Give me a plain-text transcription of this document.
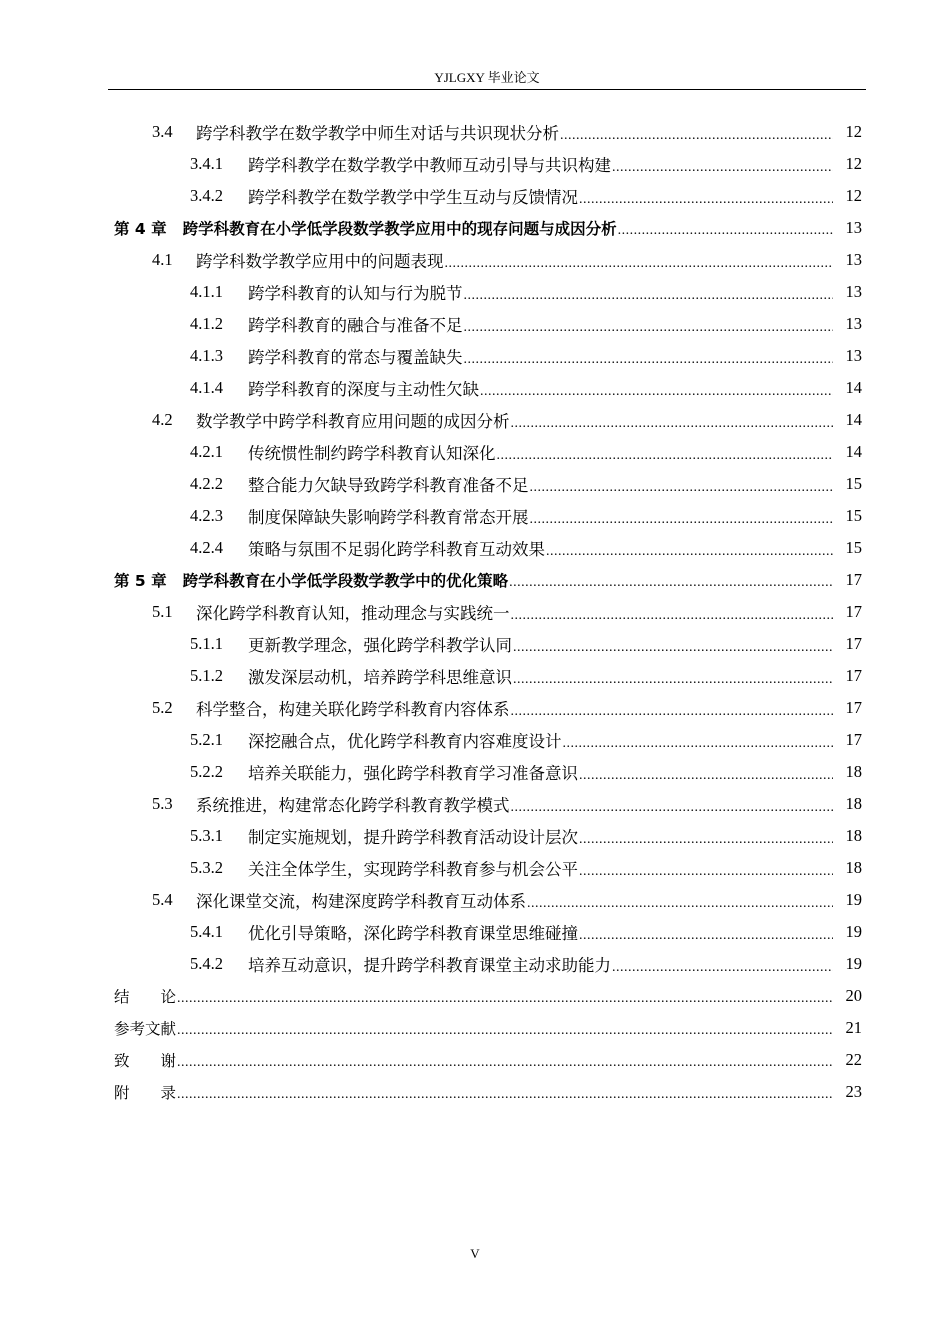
YJLGXY 毕业论文
3.4	跨学科教学在数学教学中师生对话与共识现状分析 .....	12
3.4.1	跨学科教学在数学教学中教师互动引导与共识构建 .....	12
3.4.2	跨学科教学在数学教学中学生互动与反馈情况 .....	12
第 4 章 跨学科教育在小学低学段数学教学应用中的现存问题与成因分析 .....	13
4.1	跨学科数学教学应用中的问题表现 .....	13
4.1.1	跨学科教育的认知与行为脱节 .....	13
4.1.2	跨学科教育的融合与准备不足 .....	13
4.1.3	跨学科教育的常态与覆盖缺失 .....	13
4.1.4	跨学科教育的深度与主动性欠缺 .....	14
4.2	数学教学中跨学科教育应用问题的成因分析 .....	14
4.2.1	传统惯性制约跨学科教育认知深化 .....	14
4.2.2	整合能力欠缺导致跨学科教育准备不足 .....	15
4.2.3	制度保障缺失影响跨学科教育常态开展 .....	15
4.2.4	策略与氛围不足弱化跨学科教育互动效果 .....	15
第 5 章 跨学科教育在小学低学段数学教学中的优化策略 .....	17
5.1	深化跨学科教育认知，推动理念与实践统一 .....	17
5.1.1	更新教学理念，强化跨学科教学认同 .....	17
5.1.2	激发深层动机，培养跨学科思维意识 .....	17
5.2	科学整合，构建关联化跨学科教育内容体系 .....	17
5.2.1	深挖融合点，优化跨学科教育内容难度设计 .....	17
5.2.2	培养关联能力，强化跨学科教育学习准备意识 .....	18
5.3	系统推进，构建常态化跨学科教育教学模式 .....	18
5.3.1	制定实施规划，提升跨学科教育活动设计层次 .....	18
5.3.2	关注全体学生，实现跨学科教育参与机会公平 .....	18
5.4	深化课堂交流，构建深度跨学科教育互动体系 .....	19
5.4.1	优化引导策略，深化跨学科教育课堂思维碰撞 .....	19
5.4.2	培养互动意识，提升跨学科教育课堂主动求助能力 .....	19
结　　论 .....	20
参考文献 .....	21
致　　谢 .....	22
附　　录 .....	23
V
